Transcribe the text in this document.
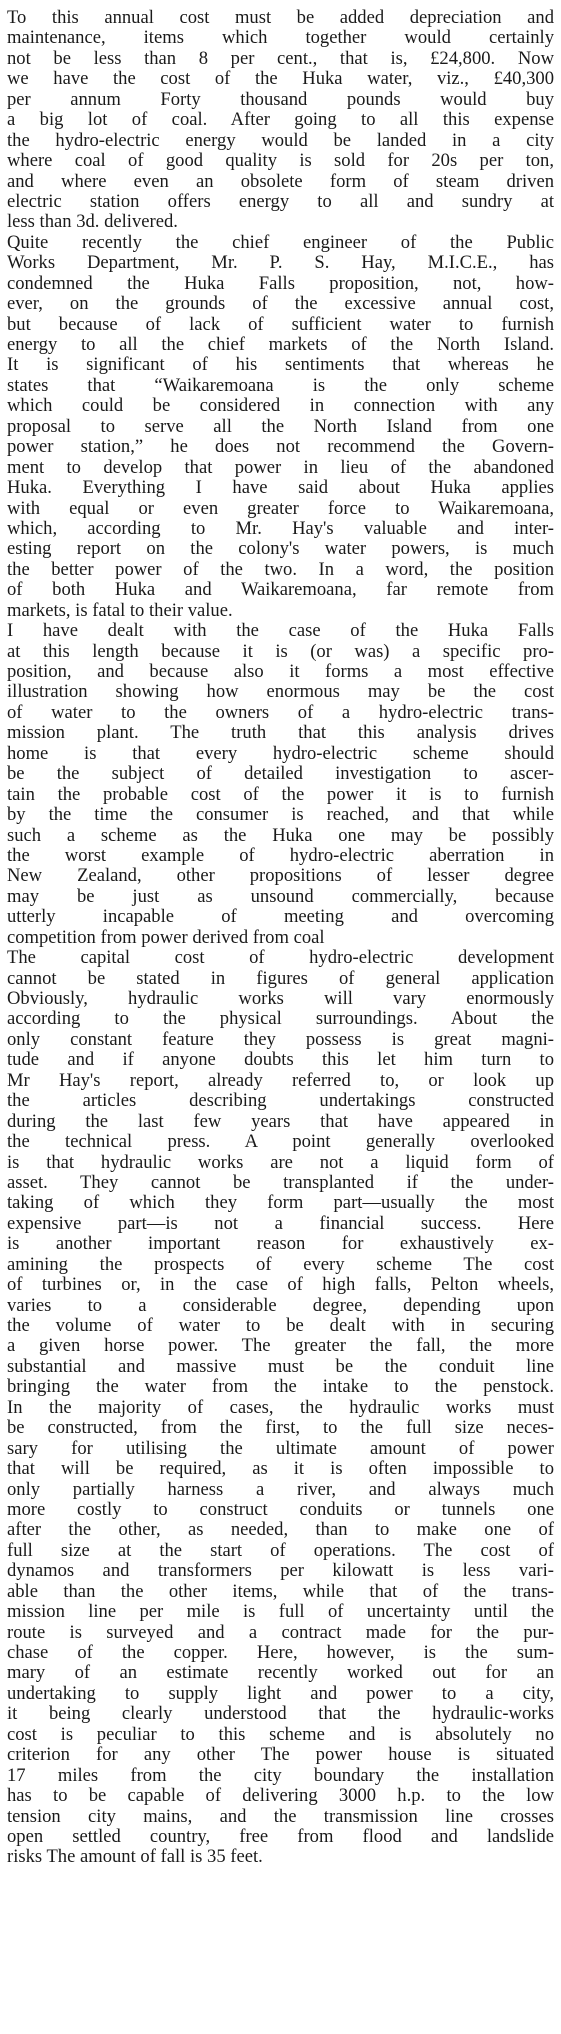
To this annual cost must be added depreciation and
maintenance, items which together would certainly
not be less than 8 per cent., that is, £24,800. Now
we have the cost of the Huka water, viz., £40,300
per annum Forty thousand pounds would buy
a big lot of coal. After going to all this expense
the hydro-electric energy would be landed in a city
where coal of good quality is sold for 20s per ton,
and where even an obsolete form of steam driven
electric station offers energy to all and sundry at
less than 3d. delivered.
Quite recently the chief engineer of the Public
Works Department, Mr. P. S. Hay, M.I.C.E., has
condemned the Huka Falls proposition, not, how-
ever, on the grounds of the excessive annual cost,
but because of lack of sufficient water to furnish
energy to all the chief markets of the North Island.
It is significant of his sentiments that whereas he
states that “Waikaremoana is the only scheme
which could be considered in connection with any
proposal to serve all the North Island from one
power station,” he does not recommend the Govern-
ment to develop that power in lieu of the abandoned
Huka. Everything I have said about Huka applies
with equal or even greater force to Waikaremoana,
which, according to Mr. Hay's valuable and inter-
esting report on the colony's water powers, is much
the better power of the two. In a word, the position
of both Huka and Waikaremoana, far remote from
markets, is fatal to their value.
I have dealt with the case of the Huka Falls
at this length because it is (or was) a specific pro-
position, and because also it forms a most effective
illustration showing how enormous may be the cost
of water to the owners of a hydro-electric trans-
mission plant. The truth that this analysis drives
home is that every hydro-electric scheme should
be the subject of detailed investigation to ascer-
tain the probable cost of the power it is to furnish
by the time the consumer is reached, and that while
such a scheme as the Huka one may be possibly
the worst example of hydro-electric aberration in
New Zealand, other propositions of lesser degree
may be just as unsound commercially, because
utterly incapable of meeting and overcoming
competition from power derived from coal
The capital cost of hydro-electric development
cannot be stated in figures of general application
Obviously, hydraulic works will vary enormously
according to the physical surroundings. About the
only constant feature they possess is great magni-
tude and if anyone doubts this let him turn to
Mr Hay's report, already referred to, or look up
the articles describing undertakings constructed
during the last few years that have appeared in
the technical press. A point generally overlooked
is that hydraulic works are not a liquid form of
asset. They cannot be transplanted if the under-
taking of which they form part—usually the most
expensive part—is not a financial success. Here
is another important reason for exhaustively ex-
amining the prospects of every scheme The cost
of turbines or, in the case of high falls, Pelton wheels,
varies to a considerable degree, depending upon
the volume of water to be dealt with in securing
a given horse power. The greater the fall, the more
substantial and massive must be the conduit line
bringing the water from the intake to the penstock.
In the majority of cases, the hydraulic works must
be constructed, from the first, to the full size neces-
sary for utilising the ultimate amount of power
that will be required, as it is often impossible to
only partially harness a river, and always much
more costly to construct conduits or tunnels one
after the other, as needed, than to make one of
full size at the start of operations. The cost of
dynamos and transformers per kilowatt is less vari-
able than the other items, while that of the trans-
mission line per mile is full of uncertainty until the
route is surveyed and a contract made for the pur-
chase of the copper. Here, however, is the sum-
mary of an estimate recently worked out for an
undertaking to supply light and power to a city,
it being clearly understood that the hydraulic-works
cost is peculiar to this scheme and is absolutely no
criterion for any other The power house is situated
17 miles from the city boundary the installation
has to be capable of delivering 3000 h.p. to the low
tension city mains, and the transmission line crosses
open settled country, free from flood and landslide
risks The amount of fall is 35 feet.
